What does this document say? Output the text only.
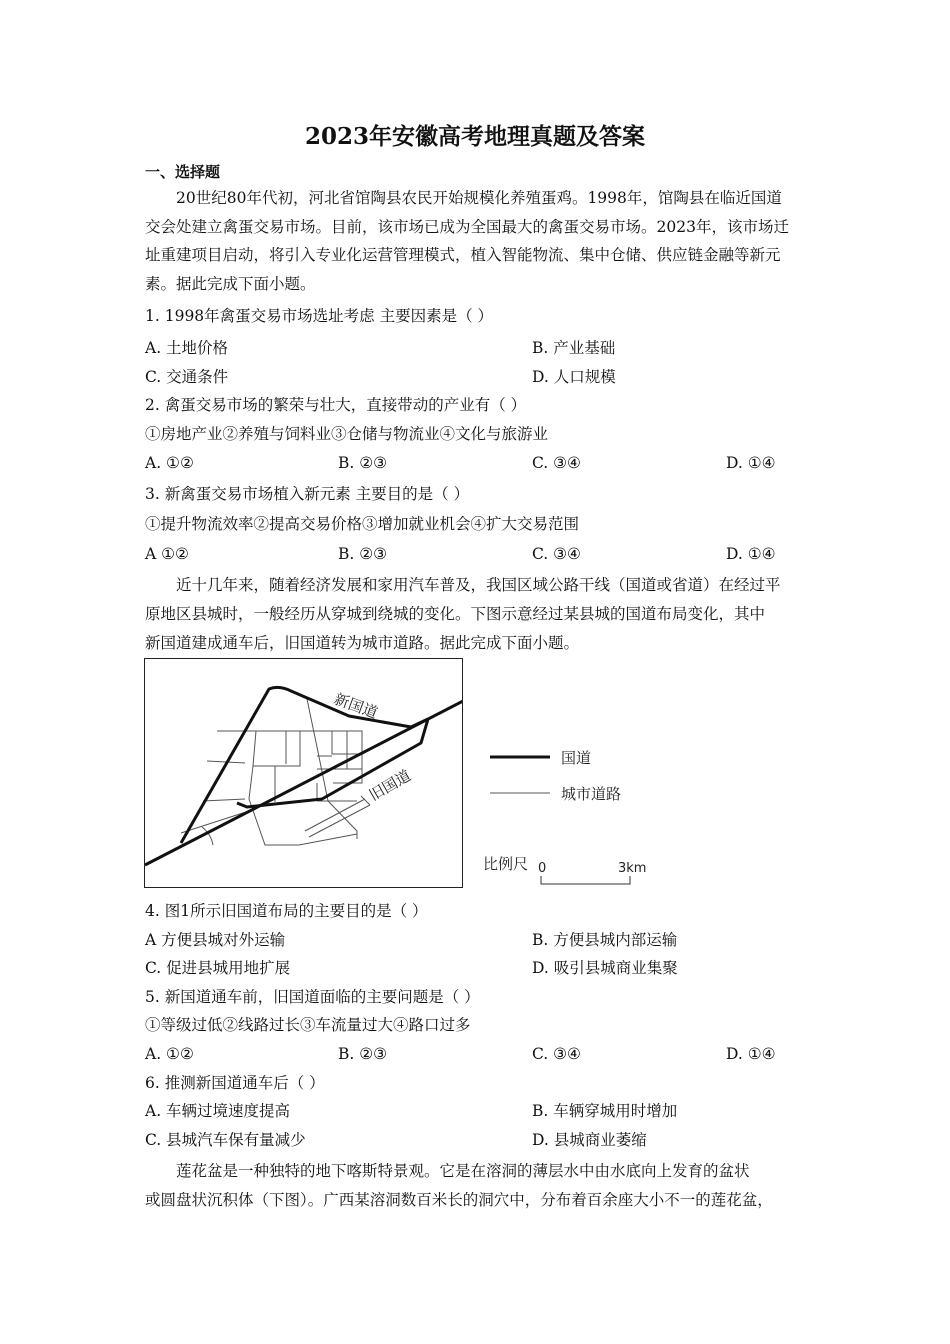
2023年安徽高考地理真题及答案
一、选择题
20世纪80年代初，河北省馆陶县农民开始规模化养殖蛋鸡。1998年，馆陶县在临近国道
交会处建立禽蛋交易市场。目前，该市场已成为全国最大的禽蛋交易市场。2023年，该市场迁
址重建项目启动，将引入专业化运营管理模式，植入智能物流、集中仓储、供应链金融等新元
素。据此完成下面小题。
1. 1998年禽蛋交易市场选址考虑 主要因素是（ ）
A. 土地价格	B. 产业基础
C. 交通条件	D. 人口规模
2. 禽蛋交易市场的繁荣与壮大，直接带动的产业有（ ）
①房地产业②养殖与饲料业③仓储与物流业④文化与旅游业
A. ①②	B. ②③	C. ③④	D. ①④
3. 新禽蛋交易市场植入新元素 主要目的是（ ）
①提升物流效率②提高交易价格③增加就业机会④扩大交易范围
A ①②	B. ②③	C. ③④	D. ①④
近十几年来，随着经济发展和家用汽车普及，我国区域公路干线（国道或省道）在经过平
原地区县城时，一般经历从穿城到绕城的变化。下图示意经过某县城的国道布局变化，其中
新国道建成通车后，旧国道转为城市道路。据此完成下面小题。
新国道
旧国道
国道
城市道路
比例尺 0	3km
4. 图1所示旧国道布局的主要目的是（ ）
A 方便县城对外运输	B. 方便县城内部运输
C. 促进县城用地扩展	D. 吸引县城商业集聚
5. 新国道通车前，旧国道面临的主要问题是（ ）
①等级过低②线路过长③车流量过大④路口过多
A. ①②	B. ②③	C. ③④	D. ①④
6. 推测新国道通车后（ ）
A. 车辆过境速度提高	B. 车辆穿城用时增加
C. 县城汽车保有量减少	D. 县城商业萎缩
莲花盆是一种独特的地下喀斯特景观。它是在溶洞的薄层水中由水底向上发育的盆状
或圆盘状沉积体（下图）。广西某溶洞数百米长的洞穴中，分布着百余座大小不一的莲花盆，
